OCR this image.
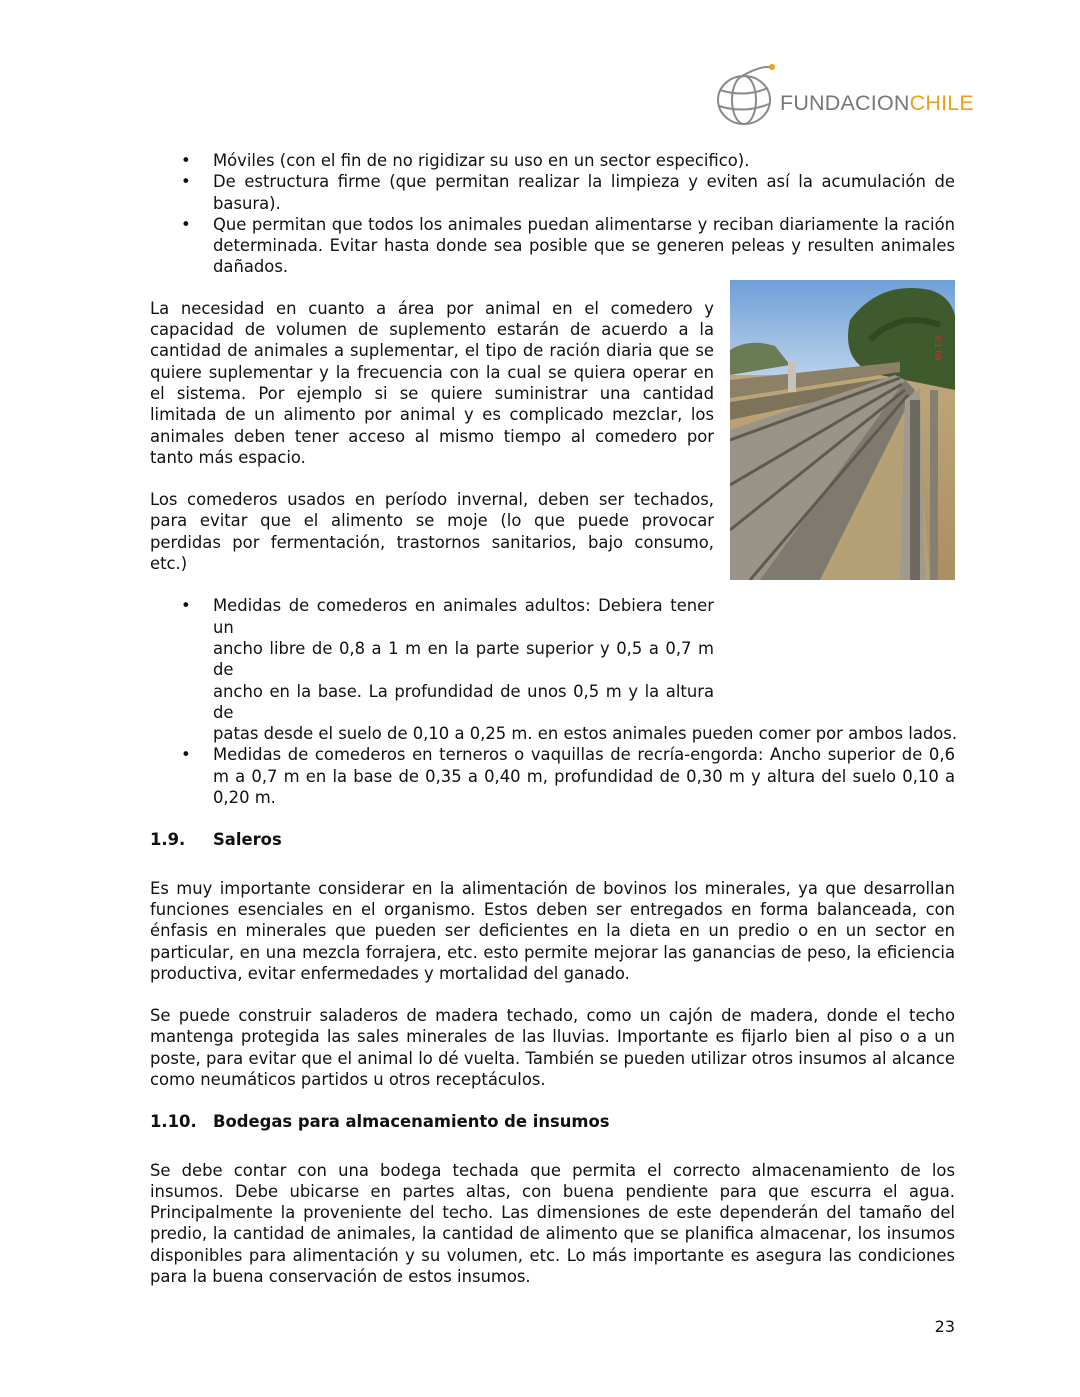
FUNDACIONCHILE
2,1 09
• Móviles (con el fin de no rigidizar su uso en un sector especifico).
• De estructura firme (que permitan realizar la limpieza y eviten así la acumulación de basura).
• Que permitan que todos los animales puedan alimentarse y reciban diariamente la ración determinada. Evitar hasta donde sea posible que se generen peleas y resulten animales dañados.

La necesidad en cuanto a área por animal en el comedero y capacidad de volumen de suplemento estarán de acuerdo a la cantidad de animales a suplementar, el tipo de ración diaria que se quiere suplementar y la frecuencia con la cual se quiera operar en el sistema. Por ejemplo si se quiere suministrar una cantidad limitada de un alimento por animal y es complicado mezclar, los animales deben tener acceso al mismo tiempo al comedero por tanto más espacio.

Los comederos usados en período invernal, deben ser techados, para evitar que el alimento se moje (lo que puede provocar perdidas por fermentación, trastornos sanitarios, bajo consumo, etc.)

• Medidas de comederos en animales adultos: Debiera tener un
ancho libre de 0,8 a 1 m en la parte superior y 0,5 a 0,7 m de
ancho en la base. La profundidad de unos 0,5 m y la altura de
patas desde el suelo de 0,10 a 0,25 m. en estos animales pueden comer por ambos lados.
• Medidas de comederos en terneros o vaquillas de recría-engorda: Ancho superior de 0,6 m a 0,7 m en la base de 0,35 a 0,40 m, profundidad de 0,30 m y altura del suelo 0,10 a 0,20 m.
1.9. Saleros

Es muy importante considerar en la alimentación de bovinos los minerales, ya que desarrollan funciones esenciales en el organismo. Estos deben ser entregados en forma balanceada, con énfasis en minerales que pueden ser deficientes en la dieta en un predio o en un sector en particular, en una mezcla forrajera, etc. esto permite mejorar las ganancias de peso, la eficiencia productiva, evitar enfermedades y mortalidad del ganado.

Se puede construir saladeros de madera techado, como un cajón de madera, donde el techo mantenga protegida las sales minerales de las lluvias. Importante es fijarlo bien al piso o a un poste, para evitar que el animal lo dé vuelta. También se pueden utilizar otros insumos al alcance como neumáticos partidos u otros receptáculos.

1.10. Bodegas para almacenamiento de insumos

Se debe contar con una bodega techada que permita el correcto almacenamiento de los insumos. Debe ubicarse en partes altas, con buena pendiente para que escurra el agua. Principalmente la proveniente del techo. Las dimensiones de este dependerán del tamaño del predio, la cantidad de animales, la cantidad de alimento que se planifica almacenar, los insumos disponibles para alimentación y su volumen, etc. Lo más importante es asegura las condiciones para la buena conservación de estos insumos.

23
